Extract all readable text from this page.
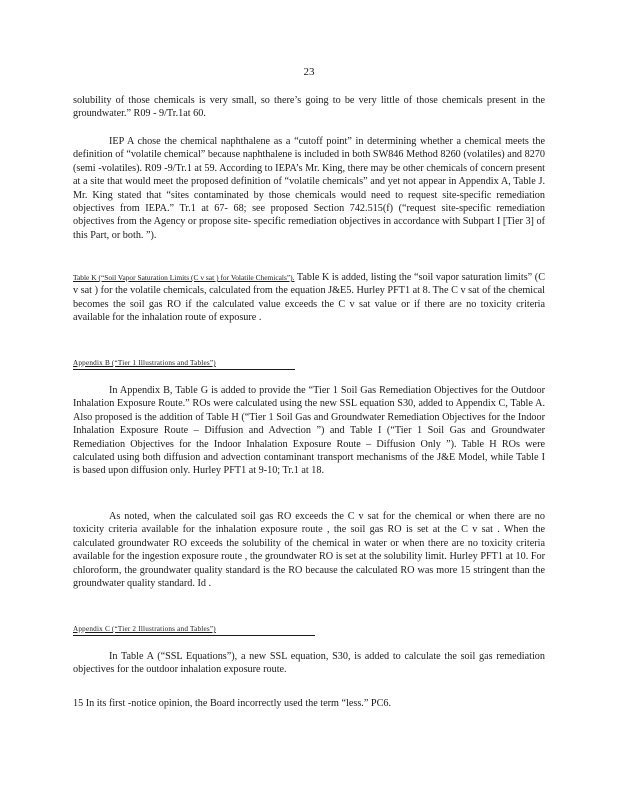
23
solubility of those chemicals is very small, so there’s going to be very little of those chemicals present in the groundwater.” R09 - 9/Tr.1at 60.
IEP A chose the chemical naphthalene as a “cutoff point” in determining whether a chemical meets the definition of “volatile chemical” because naphthalene is included in both SW846 Method 8260 (volatiles) and 8270 (semi -volatiles). R09 -9/Tr.1 at 59. According to IEPA’s Mr. King, there may be other chemicals of concern present at a site that would meet the proposed definition of “volatile chemicals” and yet not appear in Appendix A, Table J. Mr. King stated that “sites contaminated by those chemicals would need to request site-specific remediation objectives from IEPA.” Tr.1 at 67- 68; see proposed Section 742.515(f) (“request site-specific remediation objectives from the Agency or propose site- specific remediation objectives in accordance with Subpart I [Tier 3] of this Part, or both. ”).
Table K (“Soil Vapor Saturation Limits (C v sat ) for Volatile Chemicals”). Table K is added, listing the “soil vapor saturation limits” (C v sat ) for the volatile chemicals, calculated from the equation J&E5. Hurley PFT1 at 8. The C v sat of the chemical becomes the soil gas RO if the calculated value exceeds the C v sat value or if there are no toxicity criteria available for the inhalation route of exposure .
Appendix B (“Tier 1 Illustrations and Tables”)
In Appendix B, Table G is added to provide the “Tier 1 Soil Gas Remediation Objectives for the Outdoor Inhalation Exposure Route.” ROs were calculated using the new SSL equation S30, added to Appendix C, Table A. Also proposed is the addition of Table H (“Tier 1 Soil Gas and Groundwater Remediation Objectives for the Indoor Inhalation Exposure Route – Diffusion and Advection ”) and Table I (“Tier 1 Soil Gas and Groundwater Remediation Objectives for the Indoor Inhalation Exposure Route – Diffusion Only ”). Table H ROs were calculated using both diffusion and advection contaminant transport mechanisms of the J&E Model, while Table I is based upon diffusion only. Hurley PFT1 at 9-10; Tr.1 at 18.
As noted, when the calculated soil gas RO exceeds the C v sat for the chemical or when there are no toxicity criteria available for the inhalation exposure route , the soil gas RO is set at the C v sat . When the calculated groundwater RO exceeds the solubility of the chemical in water or when there are no toxicity criteria available for the ingestion exposure route , the groundwater RO is set at the solubility limit. Hurley PFT1 at 10. For chloroform, the groundwater quality standard is the RO because the calculated RO was more 15 stringent than the groundwater quality standard. Id .
Appendix C (“Tier 2 Illustrations and Tables”)
In Table A (“SSL Equations”), a new SSL equation, S30, is added to calculate the soil gas remediation objectives for the outdoor inhalation exposure route.
15 In its first -notice opinion, the Board incorrectly used the term “less.” PC6.
